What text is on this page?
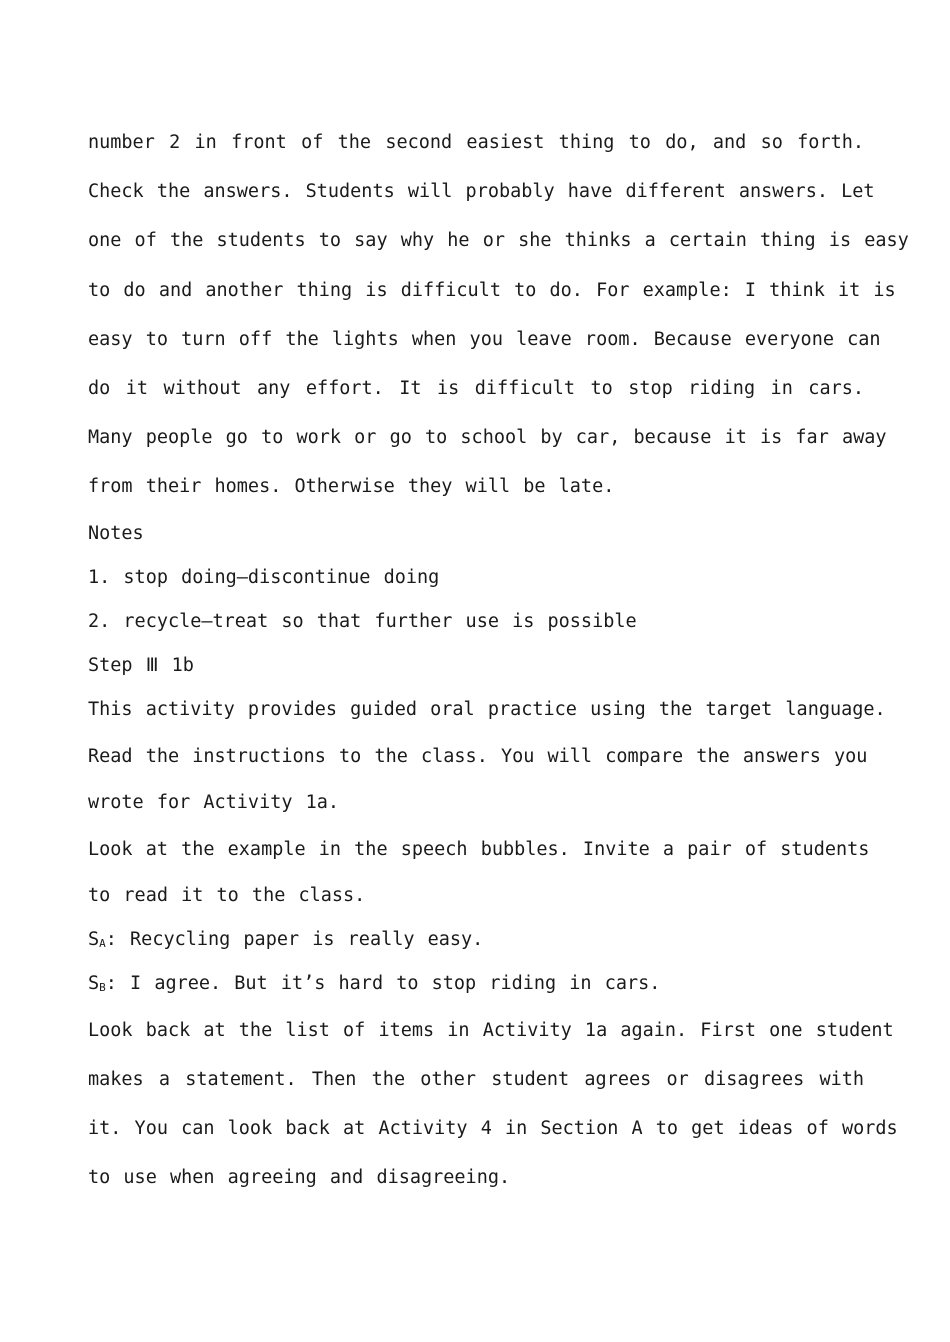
number 2 in front of the second easiest thing to do, and so forth.

Check the answers. Students will probably have different answers. Let

one of the students to say why he or she thinks a certain thing is easy

to do and another thing is difficult to do. For example: I think it is

easy to turn off the lights when you leave room. Because everyone can

do it without any effort. It is difficult to stop riding in cars.

Many people go to work or go to school by car, because it is far away

from their homes. Otherwise they will be late.

Notes

1. stop doing—discontinue doing

2. recycle—treat so that further use is possible

Step Ⅲ 1b

This activity provides guided oral practice using the target language.

Read the instructions to the class. You will compare the answers you

wrote for Activity 1a.

Look at the example in the speech bubbles. Invite a pair of students

to read it to the class.

$S_A$: Recycling paper is really easy.

$S_B$: I agree. But it’s hard to stop riding in cars.

Look back at the list of items in Activity 1a again. First one student

makes a statement. Then the other student agrees or disagrees with

it. You can look back at Activity 4 in Section A to get ideas of words

to use when agreeing and disagreeing.
